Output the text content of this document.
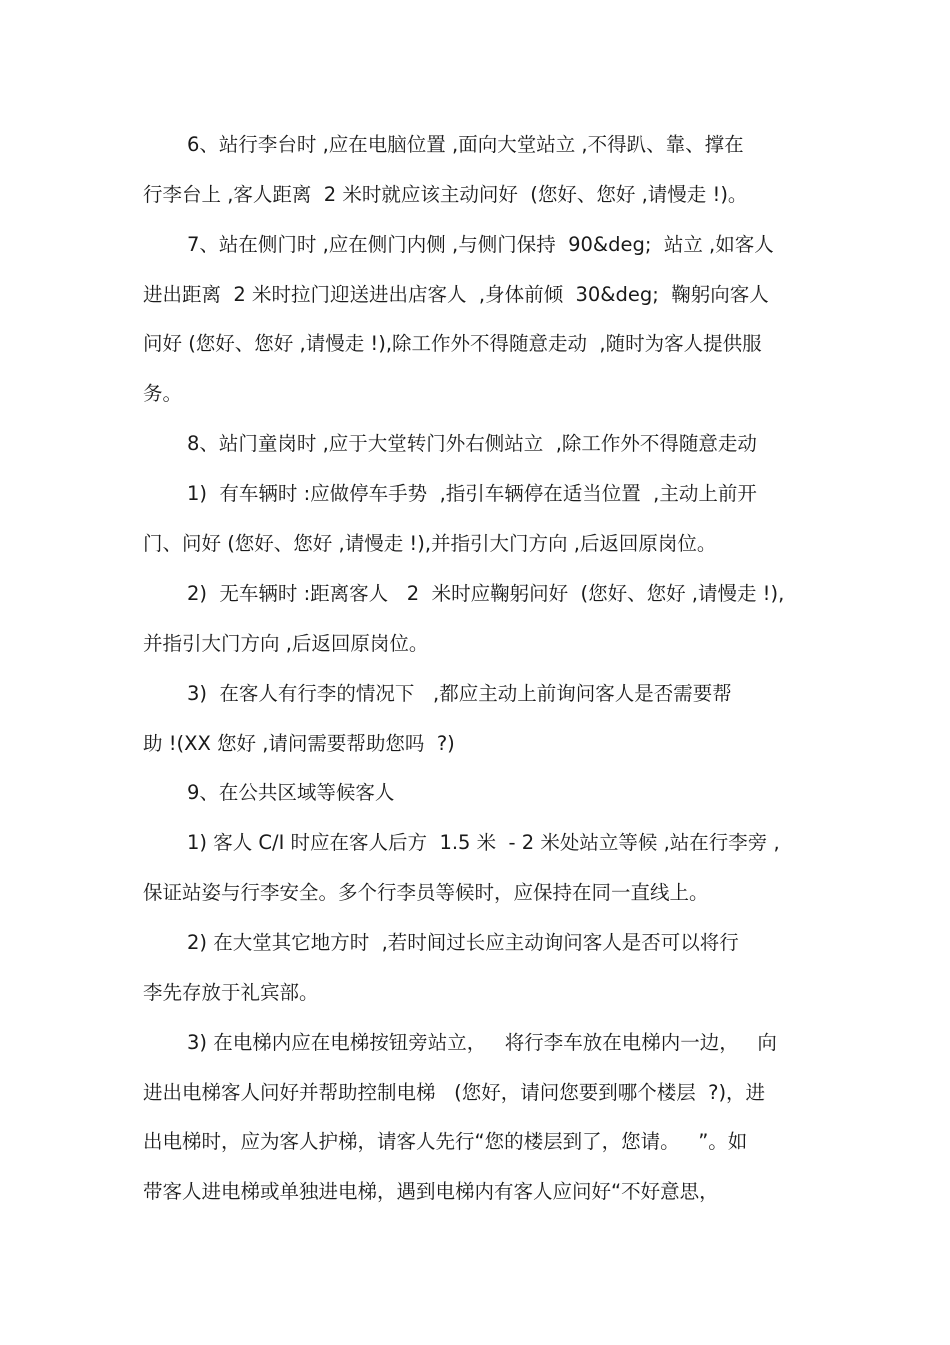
6、站行李台时 ,应在电脑位置 ,面向大堂站立 ,不得趴、靠、撑在
行李台上 ,客人距离  2 米时就应该主动问好  (您好、您好 ,请慢走 !)。
7、站在侧门时 ,应在侧门内侧 ,与侧门保持  90&deg;  站立 ,如客人
进出距离  2 米时拉门迎送进出店客人  ,身体前倾  30&deg;  鞠躬向客人
问好 (您好、您好 ,请慢走 !),除工作外不得随意走动  ,随时为客人提供服
务。
8、站门童岗时 ,应于大堂转门外右侧站立  ,除工作外不得随意走动
1)  有车辆时 :应做停车手势  ,指引车辆停在适当位置  ,主动上前开
门、问好 (您好、您好 ,请慢走 !),并指引大门方向 ,后返回原岗位。
2)  无车辆时 :距离客人   2  米时应鞠躬问好  (您好、您好 ,请慢走 !),
并指引大门方向 ,后返回原岗位。
3)  在客人有行李的情况下   ,都应主动上前询问客人是否需要帮
助 !(XX 您好 ,请问需要帮助您吗  ?)
9、在公共区域等候客人
1) 客人 C/I 时应在客人后方  1.5 米  - 2 米处站立等候 ,站在行李旁 ,
保证站姿与行李安全。多个行李员等候时，应保持在同一直线上。
2) 在大堂其它地方时  ,若时间过长应主动询问客人是否可以将行
李先存放于礼宾部。
3) 在电梯内应在电梯按钮旁站立，   将行李车放在电梯内一边，   向
进出电梯客人问好并帮助控制电梯   (您好，请问您要到哪个楼层  ?)，进
出电梯时，应为客人护梯，请客人先行“您的楼层到了，您请。   ”。如
带客人进电梯或单独进电梯，遇到电梯内有客人应问好“不好意思，
